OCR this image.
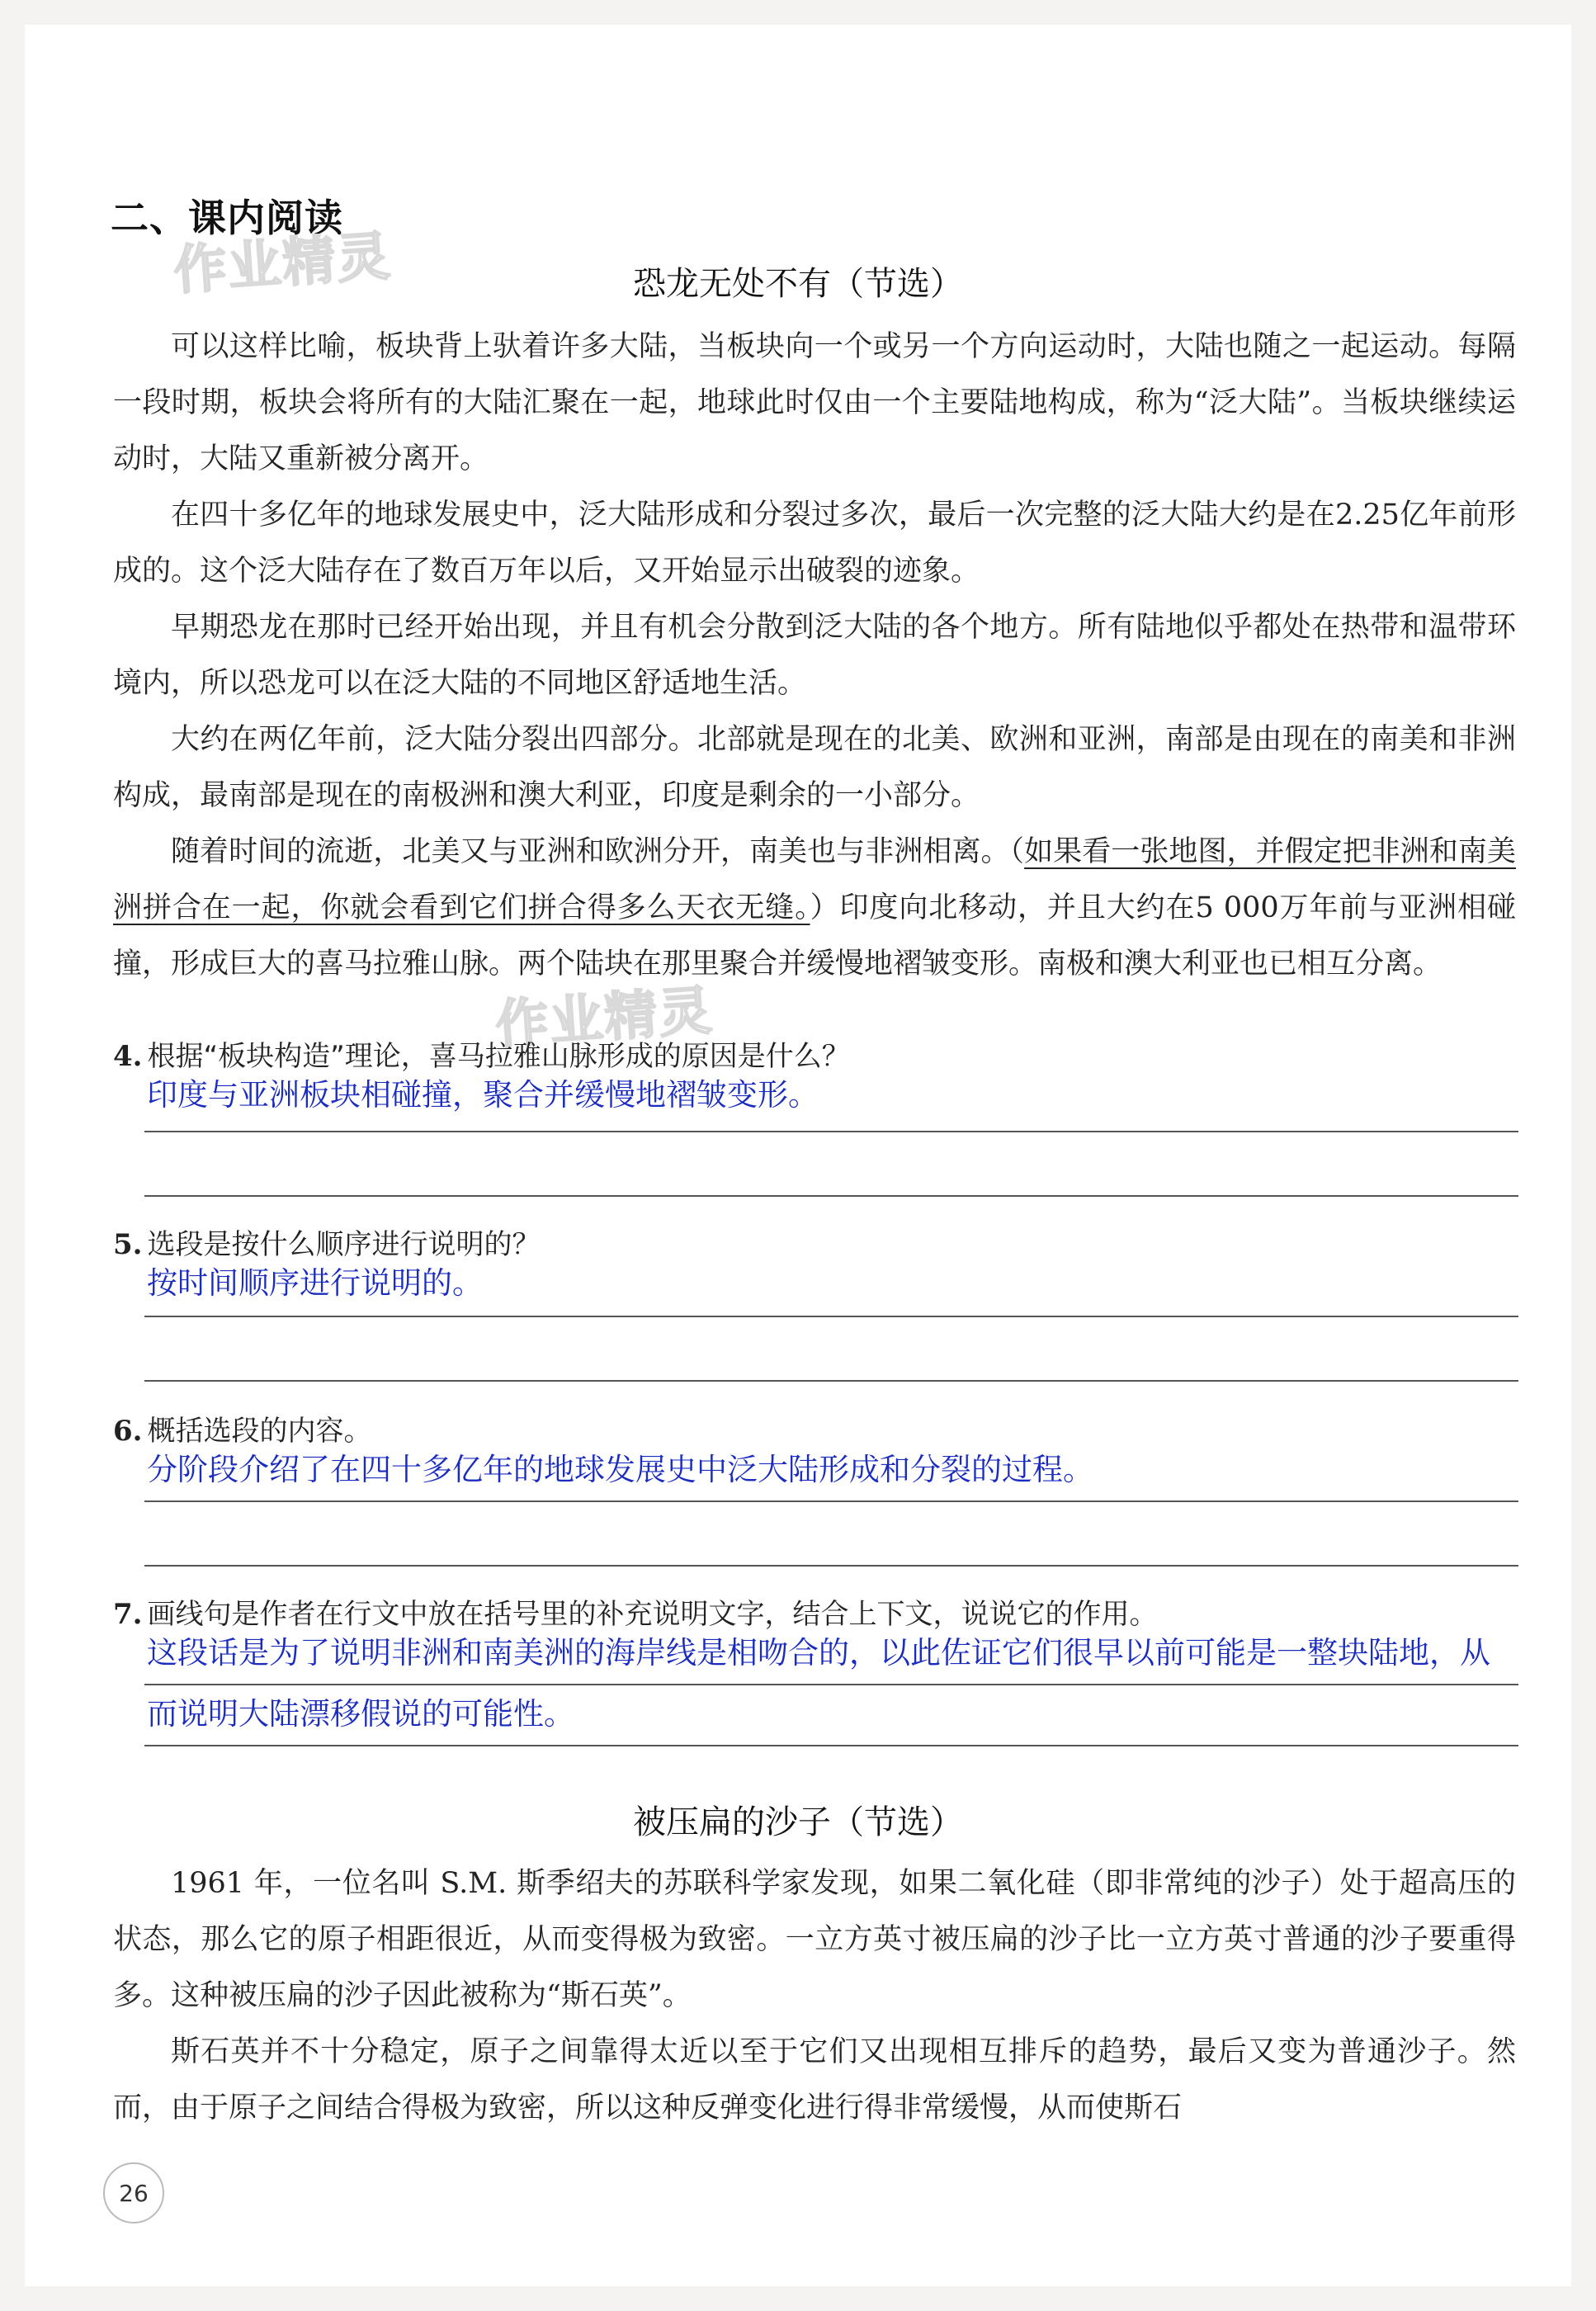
二、课内阅读
作业精灵
作业精灵
恐龙无处不有（节选）

可以这样比喻，板块背上驮着许多大陆，当板块向一个或另一个方向运动时，大陆也随之一起运动。每隔一段时期，板块会将所有的大陆汇聚在一起，地球此时仅由一个主要陆地构成，称为“泛大陆”。当板块继续运动时，大陆又重新被分离开。

在四十多亿年的地球发展史中，泛大陆形成和分裂过多次，最后一次完整的泛大陆大约是在2.25亿年前形成的。这个泛大陆存在了数百万年以后，又开始显示出破裂的迹象。

早期恐龙在那时已经开始出现，并且有机会分散到泛大陆的各个地方。所有陆地似乎都处在热带和温带环境内，所以恐龙可以在泛大陆的不同地区舒适地生活。

大约在两亿年前，泛大陆分裂出四部分。北部就是现在的北美、欧洲和亚洲，南部是由现在的南美和非洲构成，最南部是现在的南极洲和澳大利亚，印度是剩余的一小部分。

随着时间的流逝，北美又与亚洲和欧洲分开，南美也与非洲相离。（如果看一张地图，并假定把非洲和南美洲拼合在一起，你就会看到它们拼合得多么天衣无缝。）印度向北移动，并且大约在5 000万年前与亚洲相碰撞，形成巨大的喜马拉雅山脉。两个陆块在那里聚合并缓慢地褶皱变形。南极和澳大利亚也已相互分离。

4. 根据“板块构造”理论，喜马拉雅山脉形成的原因是什么？
印度与亚洲板块相碰撞，聚合并缓慢地褶皱变形。
5. 选段是按什么顺序进行说明的？
按时间顺序进行说明的。
6. 概括选段的内容。
分阶段介绍了在四十多亿年的地球发展史中泛大陆形成和分裂的过程。
7. 画线句是作者在行文中放在括号里的补充说明文字，结合上下文，说说它的作用。
这段话是为了说明非洲和南美洲的海岸线是相吻合的，以此佐证它们很早以前可能是一整块陆地，从而说明大陆漂移假说的可能性。
被压扁的沙子（节选）

1961 年，一位名叫 S.M. 斯季绍夫的苏联科学家发现，如果二氧化硅（即非常纯的沙子）处于超高压的状态，那么它的原子相距很近，从而变得极为致密。一立方英寸被压扁的沙子比一立方英寸普通的沙子要重得多。这种被压扁的沙子因此被称为“斯石英”。

斯石英并不十分稳定，原子之间靠得太近以至于它们又出现相互排斥的趋势，最后又变为普通沙子。然而，由于原子之间结合得极为致密，所以这种反弹变化进行得非常缓慢，从而使斯石

26
